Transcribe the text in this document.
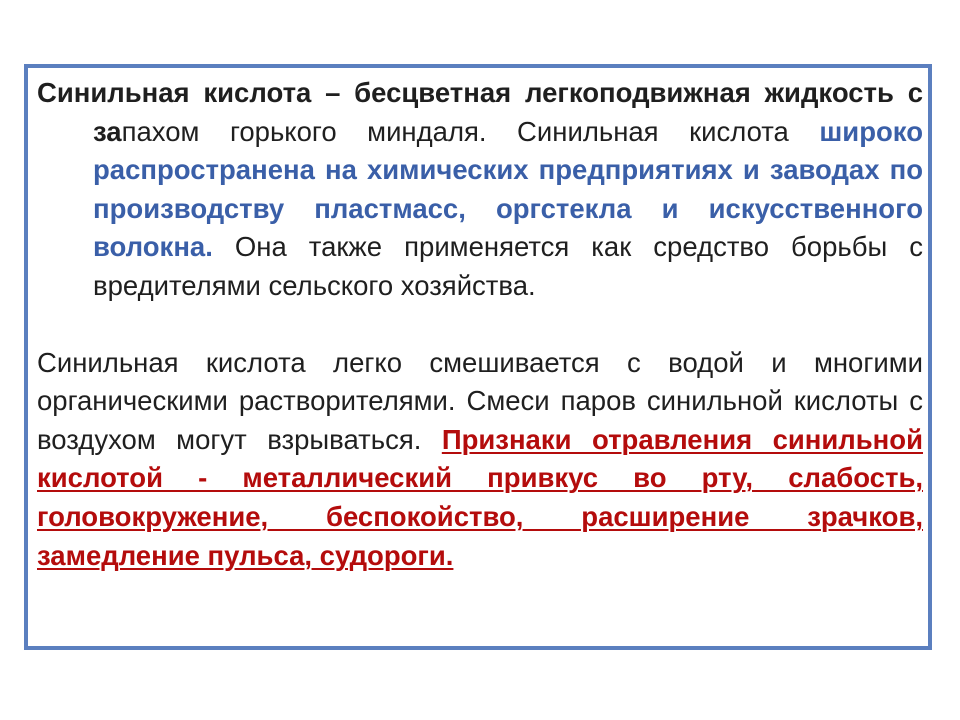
Синильная кислота – бесцветная легкоподвижная жидкость с запахом горького миндаля. Синильная кислота широко распространена на химических предприятиях и заводах по производству пластмасс, оргстекла и искусственного волокна. Она также применяется как средство борьбы с вредителями сельского хозяйства.

Синильная кислота легко смешивается с водой и многими органическими растворителями. Смеси паров синильной кислоты с воздухом могут взрываться. Признаки отравления синильной кислотой - металлический привкус во рту, слабость, головокружение, беспокойство, расширение зрачков, замедление пульса, судороги.
